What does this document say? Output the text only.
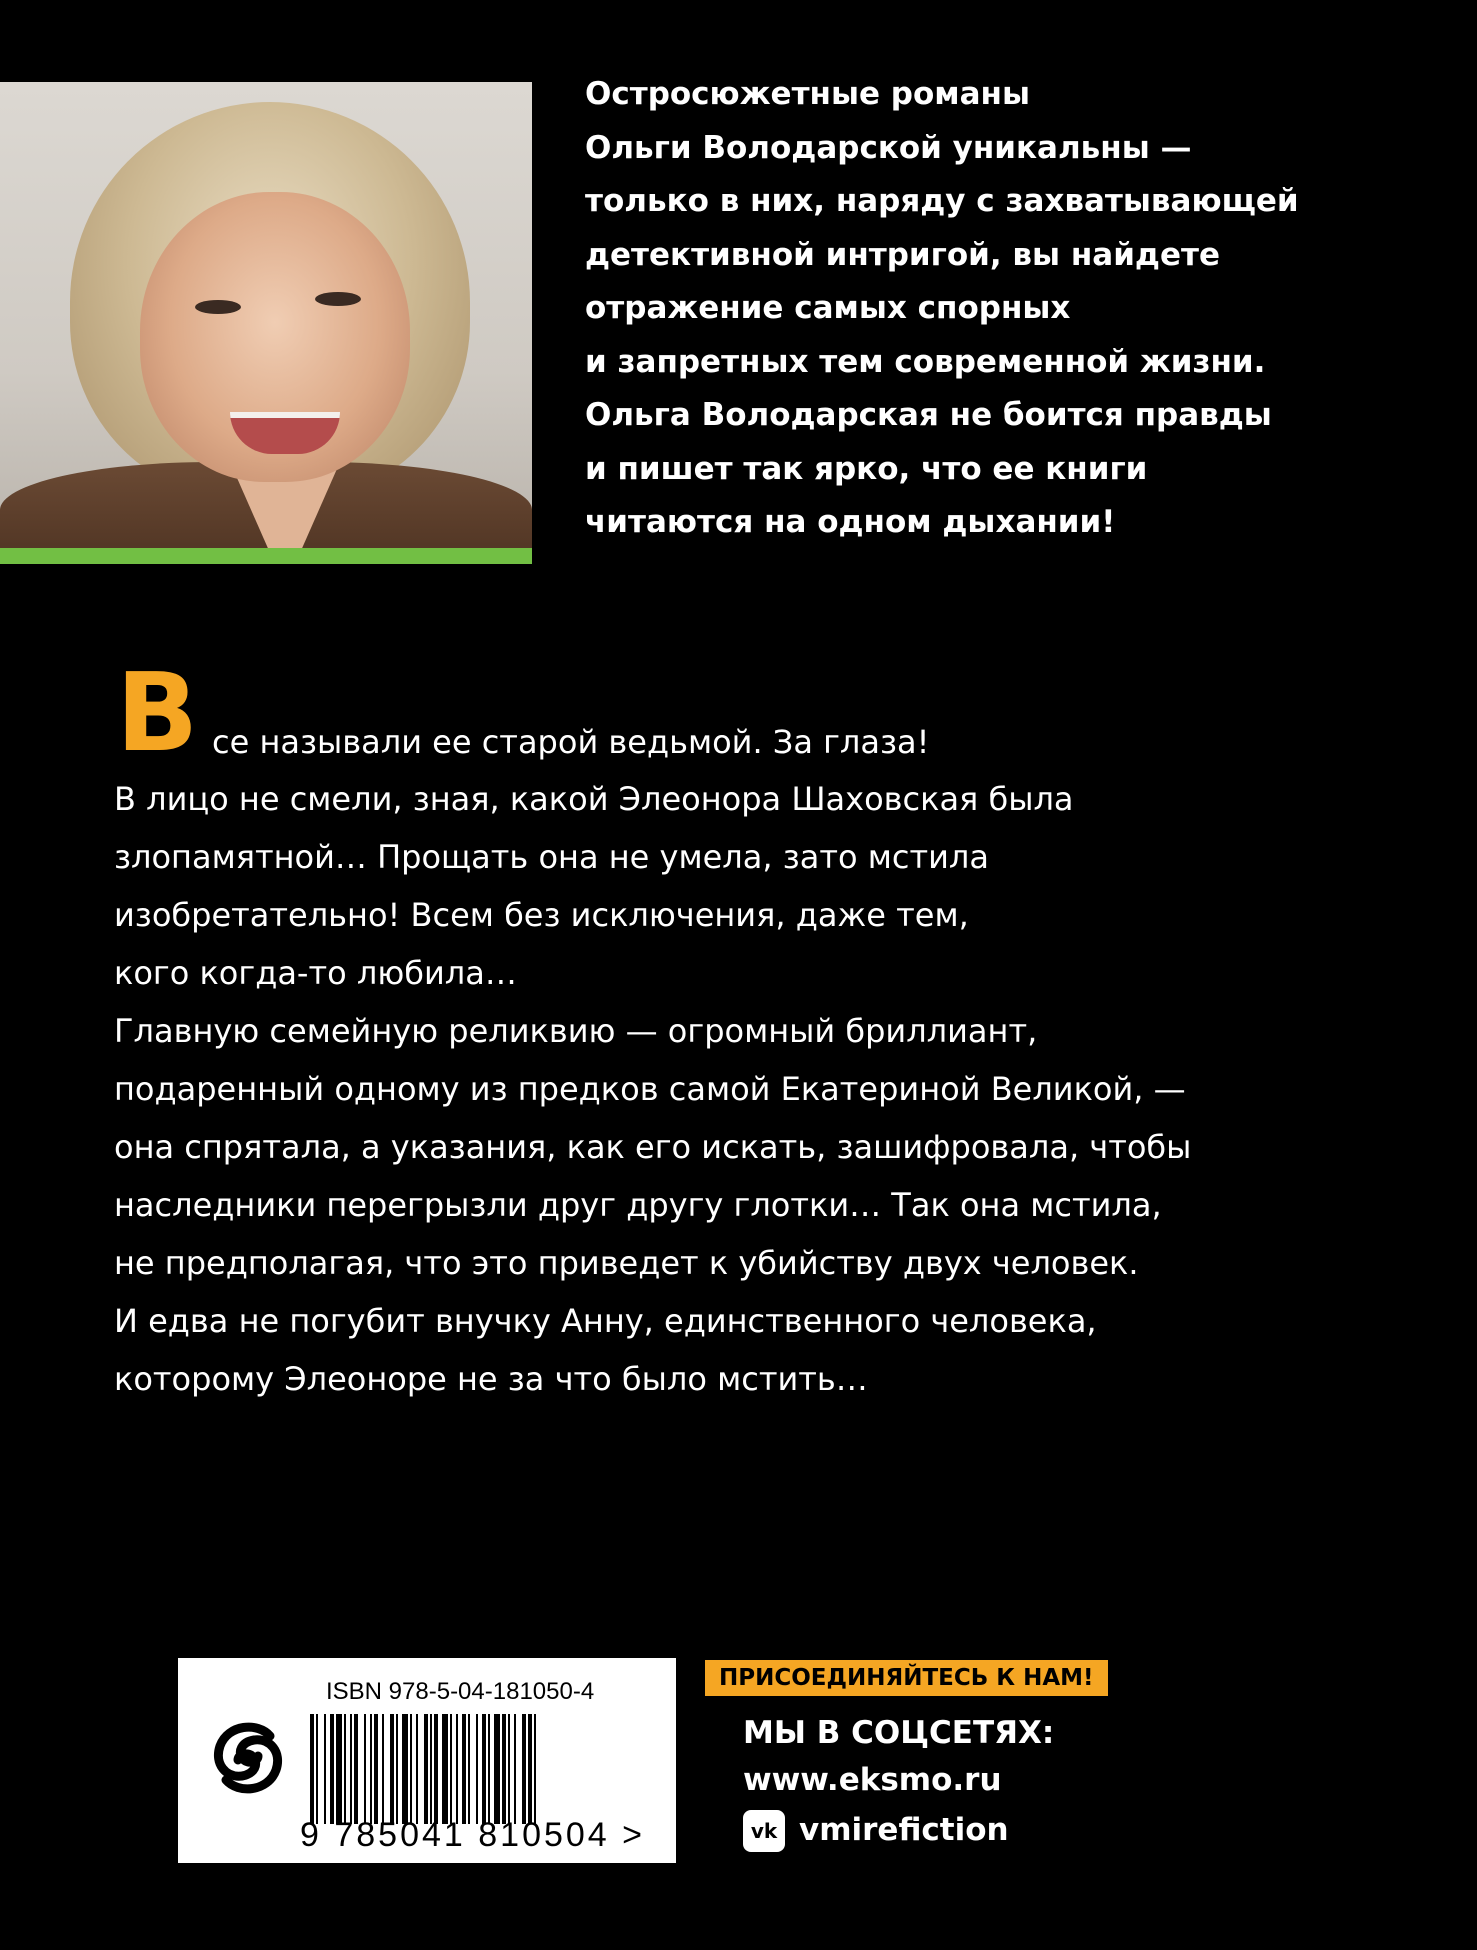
Остросюжетные романы
Ольги Володарской уникальны —
только в них, наряду с захватывающей
детективной интригой, вы найдете
отражение самых спорных
и запретных тем современной жизни.
Ольга Володарская не боится правды
и пишет так ярко, что ее книги
читаются на одном дыхании!
В се называли ее старой ведьмой. За глаза!
В лицо не смели, зная, какой Элеонора Шаховская была
злопамятной… Прощать она не умела, зато мстила
изобретательно! Всем без исключения, даже тем,
кого когда-то любила…
Главную семейную реликвию — огромный бриллиант,
подаренный одному из предков самой Екатериной Великой, —
она спрятала, а указания, как его искать, зашифровала, чтобы
наследники перегрызли друг другу глотки… Так она мстила,
не предполагая, что это приведет к убийству двух человек.
И едва не погубит внучку Анну, единственного человека,
которому Элеоноре не за что было мстить…
ISBN 978-5-04-181050-4
9 785041 810504 >
ПРИСОЕДИНЯЙТЕСЬ К НАМ!
МЫ В СОЦСЕТЯХ:
www.eksmo.ru
vk vmirefiction
